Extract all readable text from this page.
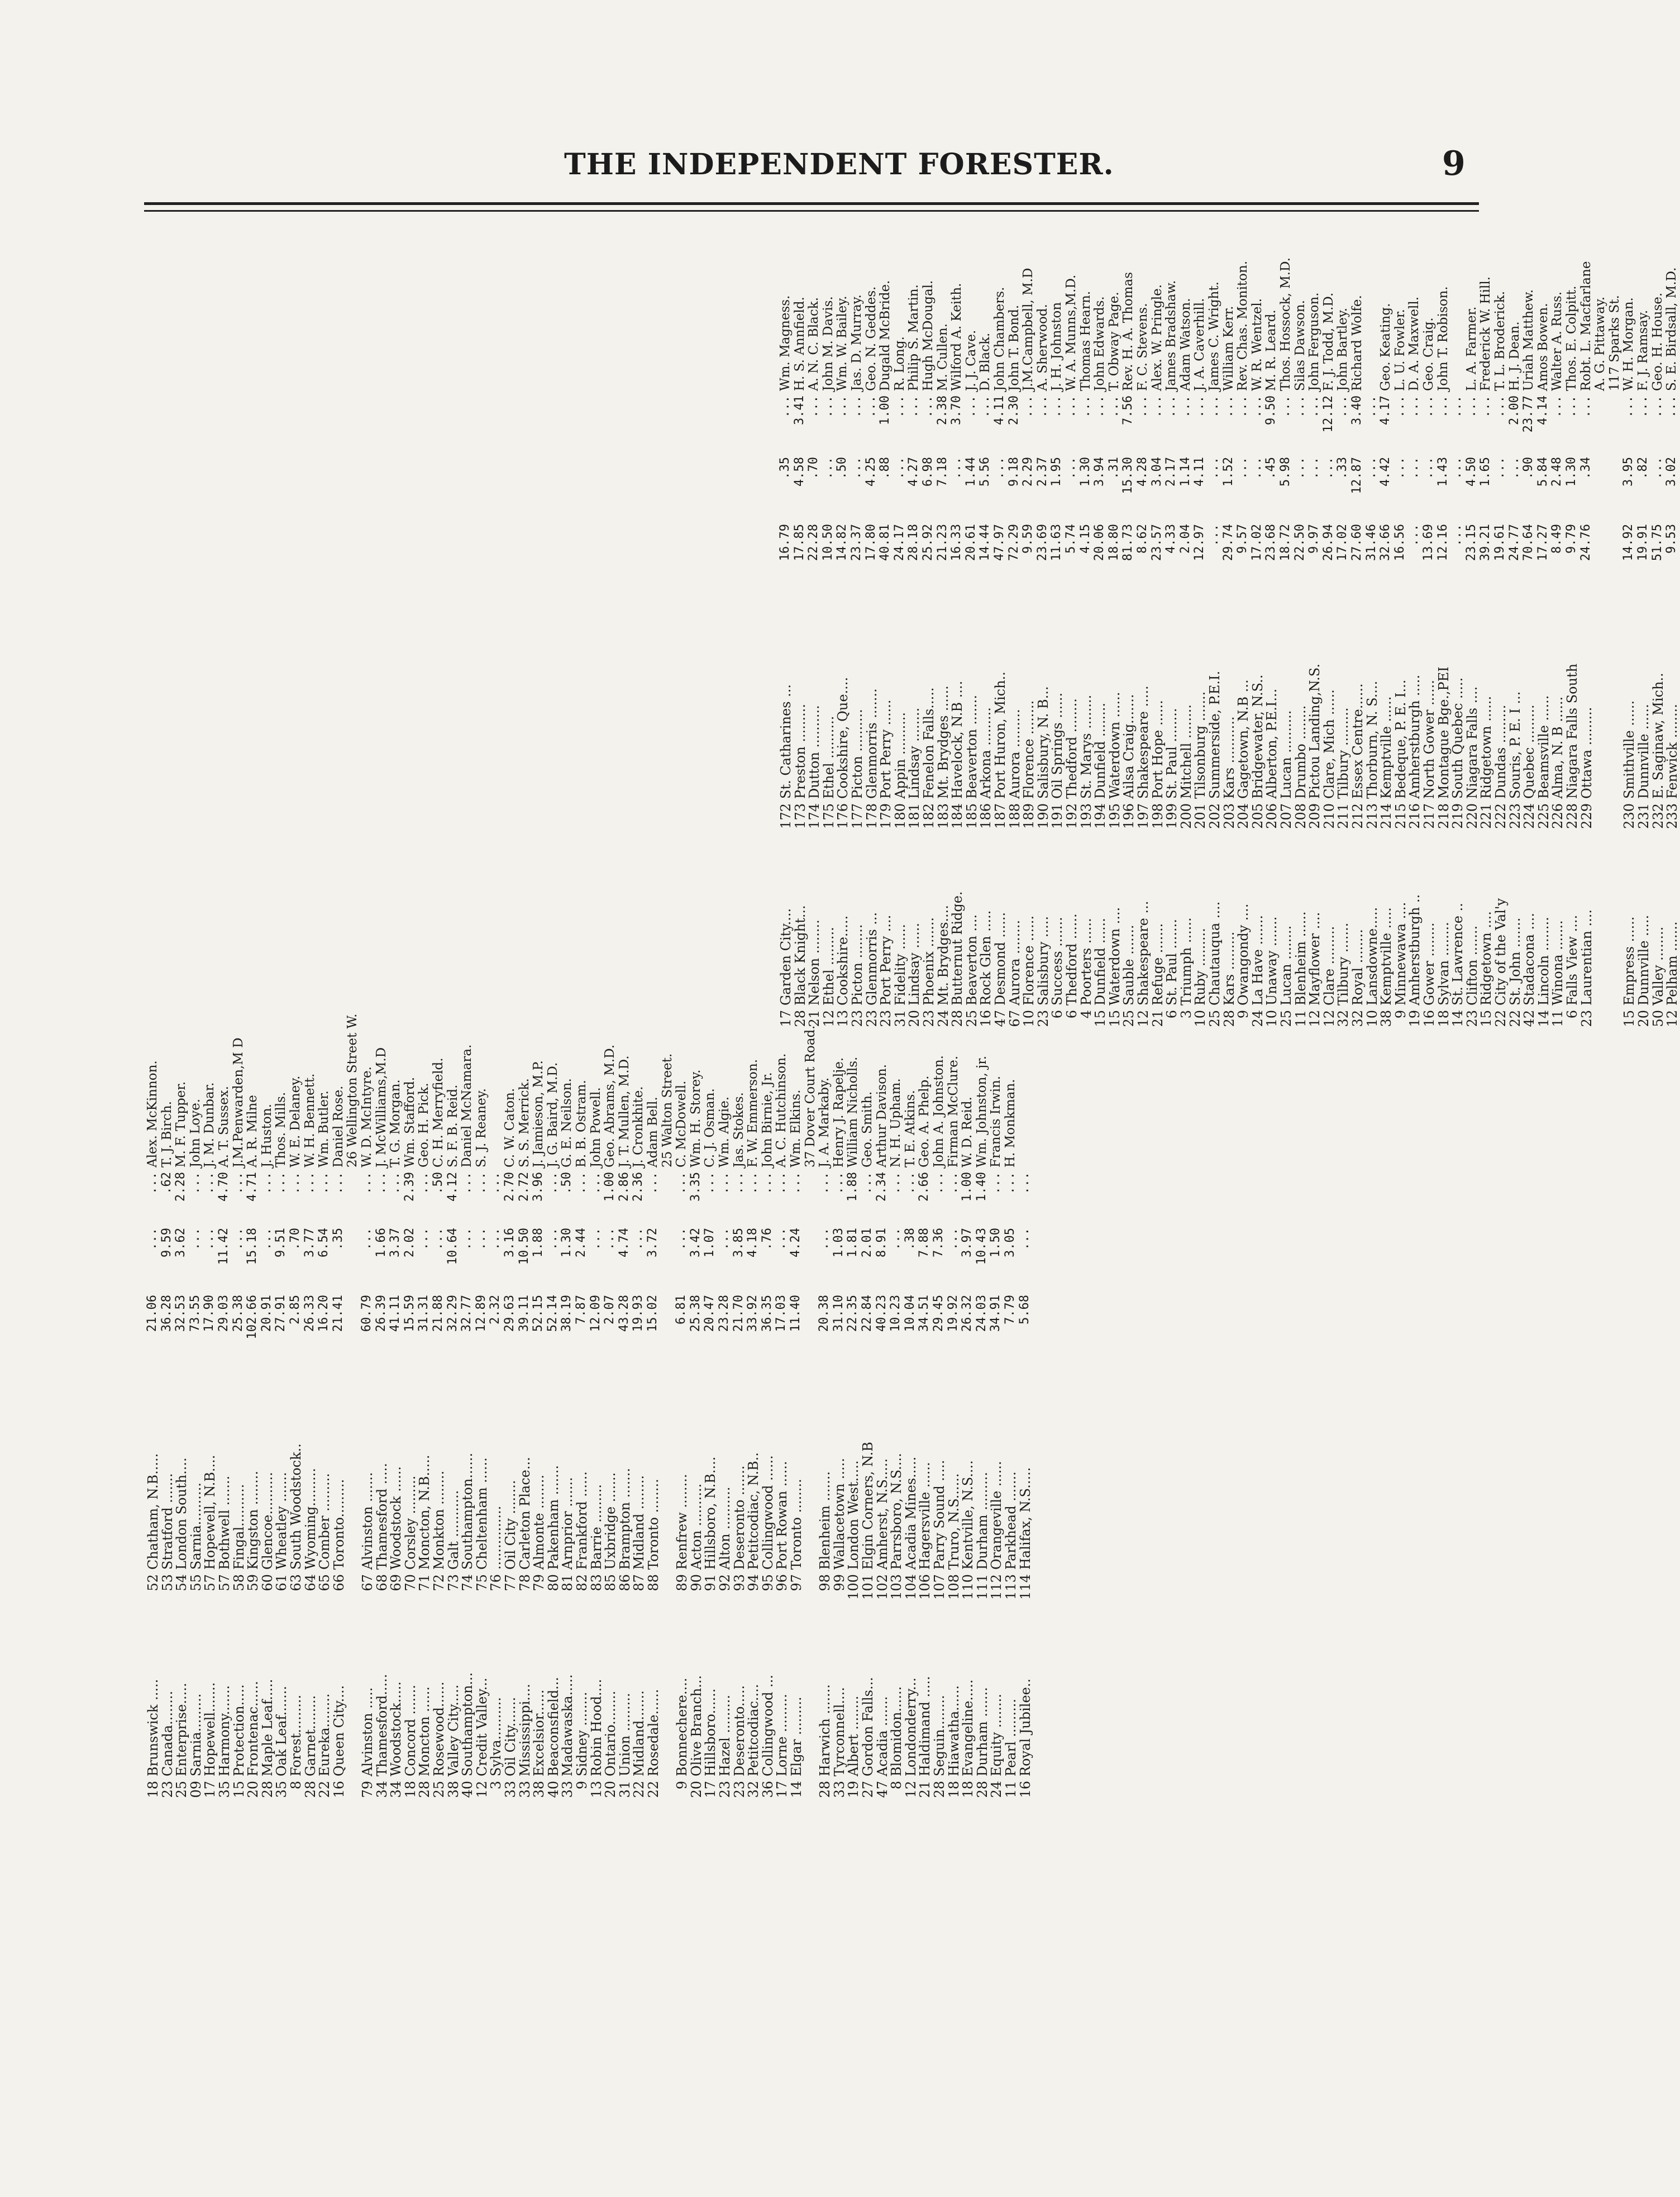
THE INDEPENDENT FORESTER.	9
18
Brunswick .....
52
Chatham, N.B.....
21.06
...
...
Alex. McKinnon.
23
Canada........
53
Stratford .......
36.28
9.59
.62
T. J. Birch.
25
Enterprise.....
54
London South....
32.53
3.62
2.28
M. F. Tupper.
09
Sarnia.........
55
Sarnia..........
73.55
...
...
John Loye.
17
Hopewell.......
57
Hopewell, N.B....
17.90
...
...
J. M. Dunbar.
35
Harmony.......
57
Bothwell .......
29.03
11.42
4.70
A. T. Sussex.
15
Protection.....
58
Fingal..........
25.38
...
...
J.M.Penwarden,M D
20
Frontenac......
59
Kingston ........
102.66
15.18
4.71
A. R. Milne
28
Maple Leaf.....
60
Glencoe..........
20.91
...
...
J. Huston.
35
Oak Leaf.......
61
Wheatley .......
27.91
9.51
...
Thos. Mills.
8
Forest.........
63
South Woodstock..
2.85
.70
...
W. E. Delaney.
28
Garnet........
64
Wyoming.........
26.33
3.77
...
W. H. Bennett.
22
Eureka........
65
Comber .........
16.20
6.54
...
Wm. Butler.
16
Queen City....
66
Toronto.........
21.41
.35
...
Daniel Rose. 26 Wellington Street W.
79
Alvinston .....
67
Alvinston .......
60.79
...
...
W. D. McIntyre.
34
Thamesford.....
68
Thamesford .....
26.39
1.66
...
J. McWilliams,M.D
34
Woodstock.....
69
Woodstock ......
41.11
3.37
...
T. G. Morgan.
18
Concord .......
70
Corsley .........
15.59
2.02
2.39
Wm. Stafford.
28
Moncton ......
71
Moncton, N.B.....
31.31
...
...
Geo. H. Pick.
25
Rosewood......
72
Monkton ........
21.88
...
.50
C. H. Merryfield.
38
Valley City.....
73
Galt ...........
32.29
10.64
4.12
S. F. B. Reid.
40
Southampton...
74
Southampton......
32.77
...
...
Daniel McNamara.
12
Credit Valley...
75
Cheltenham ......
12.89
...
...
S. J. Reaney.
3
Sylva..........
76
...............
2.32
...
...
33
Oil City.......
77
Oil City ........
29.63
3.16
2.70
C. W. Caton.
33
Mississippi....
78
Carleton Place...
39.11
10.50
2.72
S. S. Merrick.
38
Excelsior......
79
Almonte ........
52.15
1.88
3.96
J. Jamieson, M.P.
40
Beaconsfield...
80
Pakenham .......
52.14
...
...
J. G. Baird, M.D.
33
Madawaska.....
81
Arnprior .......
38.19
1.30
.50
G. E. Neilson.
9
Sidney ........
82
Frankford ......
7.87
2.44
...
B. B. Ostram.
13
Robin Hood....
83
Barrie .........
12.09
...
...
John Powell.
20
Ontario........
85
Uxbridge .......
2.07
...
1.00
Geo. Abrams, M.D.
31
Union .........
86
Brampton .......
43.28
4.74
2.86
J. T. Mullen, M.D.
22
Midland.......
87
Midland ........
19.93
...
2.36
J. Cronkhite.
22
Rosedale......
88
Toronto ........
15.02
3.72
...
Adam Bell. 25 Walton Street.
9
Bonnechere....
89
Renfrew ........
6.81
...
...
C. McDowell.
20
Olive Branch...
90
Acton ..........
25.38
3.42
3.35
Wm. H. Storey.
17
Hillsboro......
91
Hillsboro, N.B....
20.47
1.07
...
C. J. Osman.
23
Hazel .........
92
Alton ..........
23.28
...
...
Wm. Algie.
23
Deseronto.....
93
Deseronto .......
21.70
3.85
...
Jas. Stokes.
32
Petitcodiac....
94
Petitcodiac, N.B..
33.92
4.18
...
F. W. Emmerson.
36
Collingwood ...
95
Collingwood ......
36.35
.76
...
John Birnie, Jr.
17
Lorne .........
96
Port Rowan ......
17.03
...
...
A. C. Hutchinson.
14
Elgar .........
97
Toronto ........
11.40
4.24
...
Wm. Elkins. 37 Dover Court Road.
28
Harwich .......
98
Blenheim .......
20.38
...
...
J. A. Markaby.
33
Tyrconnell....
99
Wallacetown .....
31.10
1.03
...
Henry J. Rapelje.
19
Albert ........
100
London West.....
22.35
1.81
1.88
William Nicholls.
27
Gordon Falls...
101
Elgin Corners, N.B
22.84
2.01
...
Geo. Smith.
47
Acadia .......
102
Amherst, N.S.....
40.23
8.91
2.34
Arthur Davison.
8
Blomidon......
103
Parrsboro, N.S....
10.23
...
...
N. H. Upham.
12
Londonderry...
104
Acadia Mines.....
10.04
.38
...
T. E. Atkins.
21
Haldimand .....
106
Hagersville ......
34.51
7.88
2.66
Geo. A. Phelp.
28
Seguin........
107
Parry Sound .....
29.45
7.36
...
John A. Johnston.
18
Hiawatha......
108
Truro, N.S......
19.92
...
...
Firman McClure.
18
Evangeline.....
110
Kentville, N.S....
26.32
3.97
1.00
W. D. Reid.
28
Durham .......
111
Durham .........
24.03
10.43
1.40
Wm. Johnston, jr.
24
Equity ........
112
Orangeville ......
34.91
1.50
...
Francis Irwin.
11
Pearl .........
113
Parkhead .......
7.79
3.05
...
H. Monkman.
16
Royal Jubilee..
114
Halifax, N.S.....
5.68
...
...
17
Garden City....
172
St. Catharines ...
16.79
.35
...
Wm. Magness.
28
Black Knight...
173
Preston .........
17.85
4.58
3.41
H. S. Annfield.
21
Nelson ........
174
Dutton ..........
22.28
.70
...
A. N. C. Black.
12
Ethel .........
175
Ethel ..........
10.50
...
...
John M. Davis.
13
Cookshire.....
176
Cookshire, Que....
14.82
.50
...
Wm. W. Bailey.
23
Picton ........
177
Picton ..........
23.37
...
...
Jas. D. Murray.
23
Glenmorris ...
178
Glenmorris .......
17.80
4.25
...
Geo. N. Geddes.
23
Port Perry ....
179
Port Perry ......
40.81
.88
1.00
Dugald McBride.
31
Fidelity ......
180
Appin ..........
24.17
...
...
R. Long.
20
Lindsay ......
181
Lindsay ........
28.18
4.27
...
Philip S. Martin.
23
Phoenix .......
182
Fenelon Falls.....
25.92
6.98
...
Hugh McDougal.
24
Mt. Brydges....
183
Mt. Brydges ......
21.23
7.18
2.38
M. Cullen.
28
Butternut Ridge.
184
Havelock, N.B ....
16.33
...
3.70
Wilford A. Keith.
25
Beaverton ....
185
Beaverton .......
20.61
1.44
...
J. J. Cave.
16
Rock Glen .....
186
Arkona .........
14.44
5.56
...
D. Black.
47
Desmond ......
187
Port Huron, Mich..
47.97
...
4.11
John Chambers.
67
Aurora ........
188
Aurora .........
72.29
9.18
2.30
John T. Bond.
10
Florence ......
189
Florence ........
9.59
2.29
...
J.M.Campbell, M.D
23
Salisbury .....
190
Salisbury, N. B...
23.69
2.37
...
A. Sherwood.
6
Success .......
191
Oil Springs ......
11.63
1.95
...
J. H. Johnston
6
Thedford ......
192
Thedford ........
5.74
...
...
W. A. Munns,M.D.
4
Poorters ......
193
St. Marys ........
4.15
1.30
...
Thomas Hearn.
15
Dunfield ......
194
Dunfield ........
20.06
3.94
...
John Edwards.
15
Waterdown ....
195
Waterdown ......
18.80
.31
...
T. Obway Page.
25
Sauble .......
196
Ailsa Craig.......
81.73
15.30
7.56
Rev. H. A. Thomas
12
Shakespeare ...
197
Shakespeare .....
8.62
4.28
...
F. C. Stevens.
21
Refuge .......
198
Port Hope ......
23.57
3.04
...
Alex. W. Pringle.
6
St. Paul .......
199
St. Paul ........
4.33
2.17
...
James Bradshaw.
3
Triumph ......
200
Mitchell ........
2.04
1.14
...
Adam Watson.
10
Ruby .........
201
Tilsonburg .......
12.97
4.11
...
J. A. Caverhill.
25
Chautauqua ....
202
Summerside, P.E.I.
...
...
...
James C. Wright.
28
Kars .........
203
Kars ...........
29.74
1.52
...
William Kerr.
9
Owangondy ....
204
Gagetown, N.B ...
9.57
...
...
Rev. Chas. Moniton.
24
La Have .......
205
Bridgewater, N.S..
17.02
...
...
W. R. Wentzel.
10
Unaway .......
206
Alberton, P.E.I...
23.68
.45
9.50
M. R. Leard.
25
Lucan ........
207
Lucan ..........
18.72
5.98
...
Thos. Hossock, M.D.
11
Blenheim ......
208
Drumbo ........
22.50
...
...
Silas Dawson.
12
Mayflower ....
209
Pictou Landing,N.S.
9.97
...
...
John Ferguson.
12
Clare .........
210
Clare, Mich ......
26.94
...
12.12
F. J. Todd, M.D.
32
Tilbury .......
211
Tilbury .........
17.02
.33
...
John Bartley.
32
Royal ........
212
Essex Centre......
27.60
12.87
3.40
Richard Wolfe.
10
Lansdowne.....
213
Thorburn, N. S....
31.46
...
...
38
Kemptville .....
214
Kemptville ......
32.66
4.42
4.17
Geo. Keating.
9
Minnewawa ....
215
Bedeque, P. E. I...
16.56
...
...
L. U. Fowler.
19
Amherstburgh ..
216
Amherstburgh .....
...
...
...
D. A. Maxwell.
16
Gower ........
217
North Gower ......
13.69
...
...
Geo. Craig.
18
Sylvan ........
218
Montague Bge.,PEI
12.16
1.43
...
John T. Robison.
14
St. Lawrence ..
219
South Quebec .....
...
...
...
23
Clifton .......
220
Niagara Falls ....
23.15
4.50
...
L. A. Farmer.
15
Ridgetown ....
221
Ridgetown ......
39.21
1.65
...
Frederick W. Hill.
22
City of the Val'y
222
Dundas .........
19.61
...
...
T. L. Broderick.
22
St. John .......
223
Souris, P. E. I ...
24.77
...
2.00
H. J. Dean.
42
Stadacona ....
224
Quebec .........
70.64
.90
23.77
Uriah Matthew.
14
Lincoln ........
225
Beamsville ......
17.27
5.84
4.14
Amos Bowen.
11
Winona .......
226
Alma, N. B ......
8.49
2.48
...
Walter A. Russ.
6
Falls View ....
228
Niagara Falls South
9.79
1.30
...
Thos. E. Colpitt.
23
Laurentian ....
229
Ottawa .........
24.76
.34
...
Robt. L. Macfarlane A. G. Pittaway. 117 Sparks St.
15
Empress ......
230
Smithville ......
14.92
3.95
...
W. H. Morgan.
20
Dunnville .....
231
Dunnville ......
19.91
.82
...
F. J. Ramsay.
50
Valley ........
232
E. Saginaw, Mich..
51.75
...
...
Geo. H. House.
12
Pelham .......
233
Fenwick ........
9.53
3.02
...
S. E. Birdsall, M.D.
